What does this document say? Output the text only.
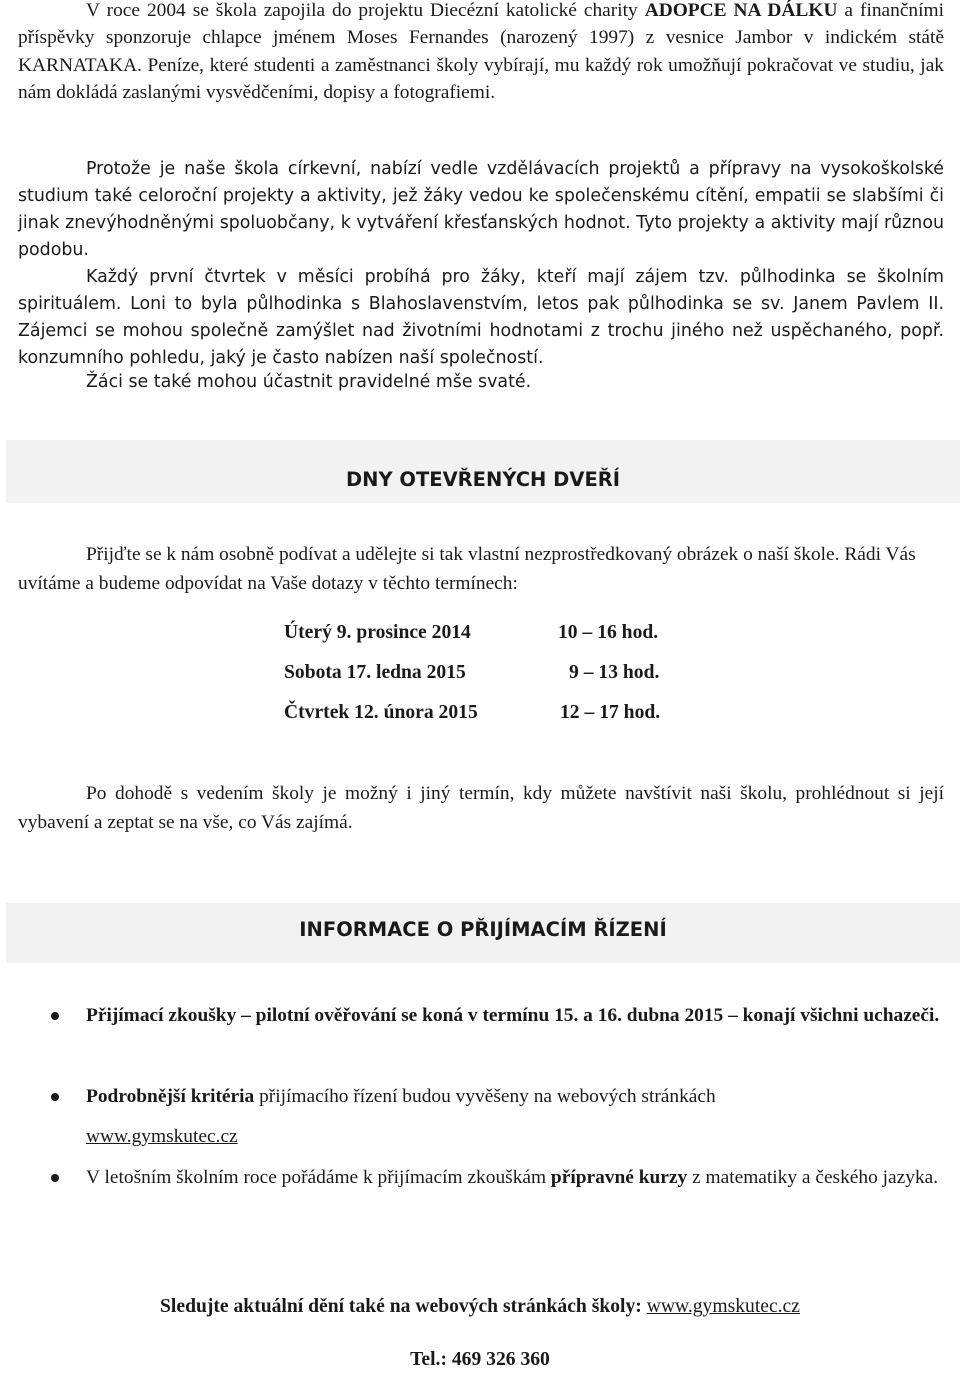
V roce 2004 se škola zapojila do projektu Diecézní katolické charity ADOPCE NA DÁLKU a finančními příspěvky sponzoruje chlapce jménem Moses Fernandes (narozený 1997) z vesnice Jambor v indickém státě KARNATAKA. Peníze, které studenti a zaměstnanci školy vybírají, mu každý rok umožňují pokračovat ve studiu, jak nám dokládá zaslanými vysvědčeními, dopisy a fotografiemi.

Protože je naše škola církevní, nabízí vedle vzdělávacích projektů a přípravy na vysokoškolské studium také celoroční projekty a aktivity, jež žáky vedou ke společenskému cítění, empatii se slabšími či jinak znevýhodněnými spoluobčany, k vytváření křesťanských hodnot. Tyto projekty a aktivity mají různou podobu.

Každý první čtvrtek v měsíci probíhá pro žáky, kteří mají zájem tzv. půlhodinka se školním spirituálem. Loni to byla půlhodinka s Blahoslavenstvím, letos pak půlhodinka se sv. Janem Pavlem II. Zájemci se mohou společně zamýšlet nad životními hodnotami z trochu jiného než uspěchaného, popř. konzumního pohledu, jaký je často nabízen naší společností.

Žáci se také mohou účastnit pravidelné mše svaté.

DNY OTEVŘENÝCH DVEŘÍ

Přijďte se k nám osobně podívat a udělejte si tak vlastní nezprostředkovaný obrázek o naší škole. Rádi Vás uvítáme a budeme odpovídat na Vaše dotazy v těchto termínech:

Úterý 9. prosince 2014	10 – 16 hod.
Sobota 17. ledna 2015	9 – 13 hod.
Čtvrtek 12. února 2015	12 – 17 hod.

Po dohodě s vedením školy je možný i jiný termín, kdy můžete navštívit naši školu, prohlédnout si její vybavení a zeptat se na vše, co Vás zajímá.

INFORMACE O PŘIJÍMACÍM ŘÍZENÍ

Přijímací zkoušky – pilotní ověřování se koná v termínu 15. a 16. dubna 2015 – konají všichni uchazeči.

Podrobnější kritéria přijímacího řízení budou vyvěšeny na webových stránkách
www.gymskutec.cz

V letošním školním roce pořádáme k přijímacím zkouškám přípravné kurzy z matematiky a českého jazyka.

Sledujte aktuální dění také na webových stránkách školy: www.gymskutec.cz

Tel.: 469 326 360
